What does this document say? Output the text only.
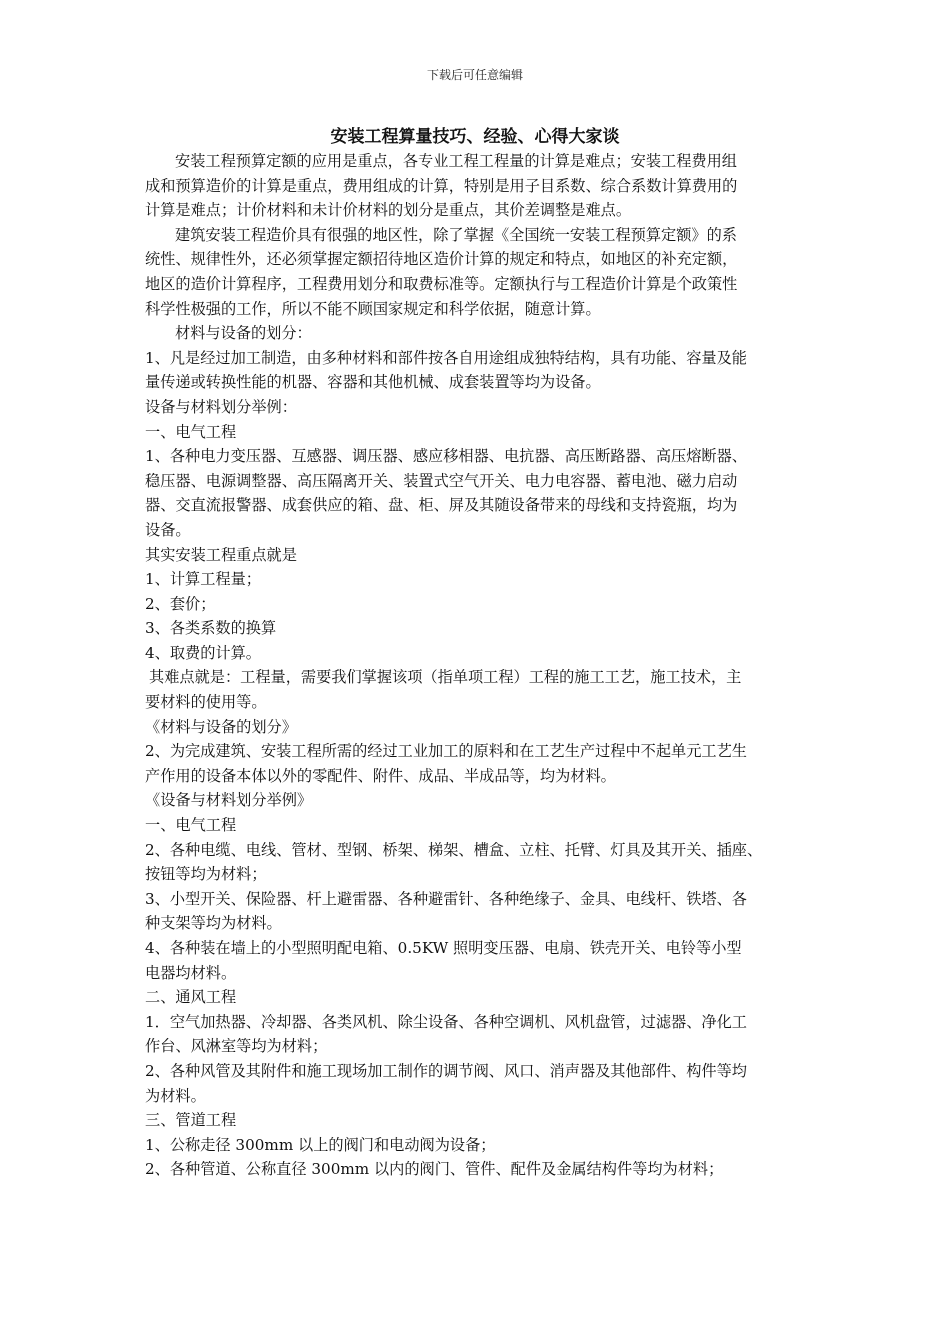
下载后可任意编辑
安装工程算量技巧、经验、心得大家谈

安装工程预算定额的应用是重点，各专业工程工程量的计算是难点；安装工程费用组

成和预算造价的计算是重点，费用组成的计算，特别是用子目系数、综合系数计算费用的

计算是难点；计价材料和未计价材料的划分是重点，其价差调整是难点。

建筑安装工程造价具有很强的地区性，除了掌握《全国统一安装工程预算定额》的系

统性、规律性外，还必须掌握定额招待地区造价计算的规定和特点，如地区的补充定额，

地区的造价计算程序，工程费用划分和取费标准等。定额执行与工程造价计算是个政策性

科学性极强的工作，所以不能不顾国家规定和科学依据，随意计算。

材料与设备的划分：

1、凡是经过加工制造，由多种材料和部件按各自用途组成独特结构，具有功能、容量及能

量传递或转换性能的机器、容器和其他机械、成套装置等均为设备。

设备与材料划分举例：

一、电气工程

1、各种电力变压器、互感器、调压器、感应移相器、电抗器、高压断路器、高压熔断器、

稳压器、电源调整器、高压隔离开关、装置式空气开关、电力电容器、蓄电池、磁力启动

器、交直流报警器、成套供应的箱、盘、柜、屏及其随设备带来的母线和支持瓷瓶，均为

设备。

其实安装工程重点就是

1、计算工程量；

2、套价；

3、各类系数的换算

4、取费的计算。

其难点就是：工程量，需要我们掌握该项（指单项工程）工程的施工工艺，施工技术，主

要材料的使用等。

《材料与设备的划分》

2、为完成建筑、安装工程所需的经过工业加工的原料和在工艺生产过程中不起单元工艺生

产作用的设备本体以外的零配件、附件、成品、半成品等，均为材料。

《设备与材料划分举例》

一、电气工程

2、各种电缆、电线、管材、型钢、桥架、梯架、槽盒、立柱、托臂、灯具及其开关、插座、

按钮等均为材料；

3、小型开关、保险器、杆上避雷器、各种避雷针、各种绝缘子、金具、电线杆、铁塔、各

种支架等均为材料。

4、各种装在墙上的小型照明配电箱、0.5KW 照明变压器、电扇、铁壳开关、电铃等小型

电器均材料。

二、通风工程

1．空气加热器、冷却器、各类风机、除尘设备、各种空调机、风机盘管，过滤器、净化工

作台、风淋室等均为材料；

2、各种风管及其附件和施工现场加工制作的调节阀、风口、消声器及其他部件、构件等均

为材料。

三、管道工程

1、公称走径 300mm 以上的阀门和电动阀为设备；

2、各种管道、公称直径 300mm 以内的阀门、管件、配件及金属结构件等均为材料；
